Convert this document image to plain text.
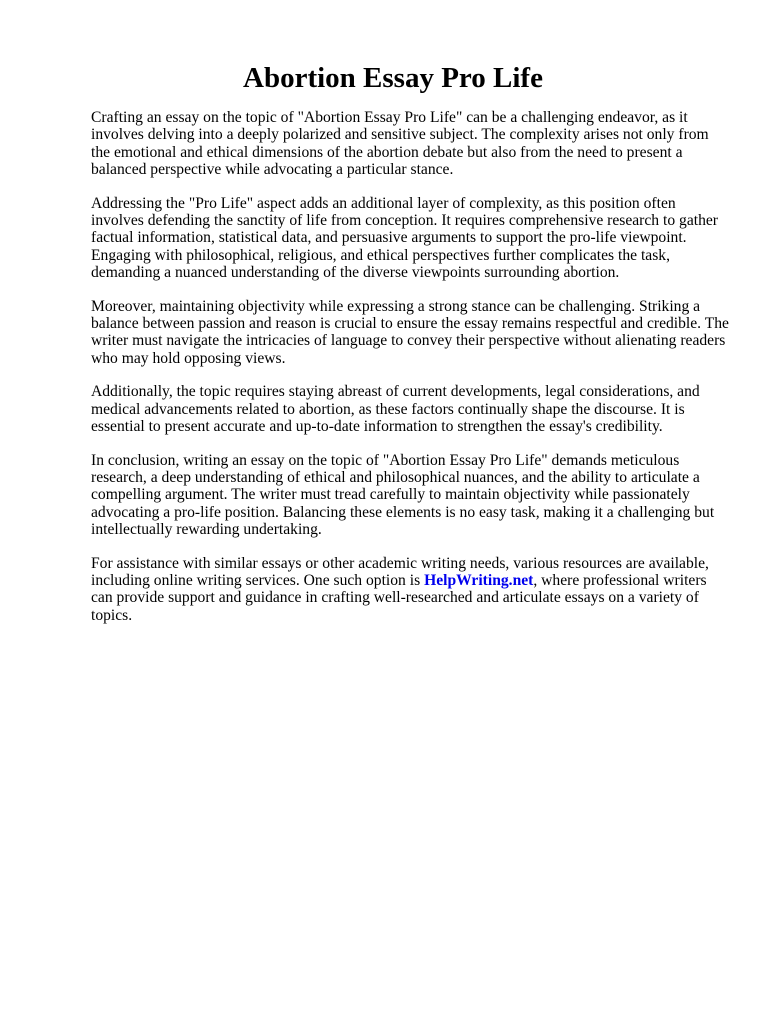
Abortion Essay Pro Life

Crafting an essay on the topic of "Abortion Essay Pro Life" can be a challenging endeavor, as it involves delving into a deeply polarized and sensitive subject. The complexity arises not only from the emotional and ethical dimensions of the abortion debate but also from the need to present a balanced perspective while advocating a particular stance.

Addressing the "Pro Life" aspect adds an additional layer of complexity, as this position often involves defending the sanctity of life from conception. It requires comprehensive research to gather factual information, statistical data, and persuasive arguments to support the pro-life viewpoint. Engaging with philosophical, religious, and ethical perspectives further complicates the task, demanding a nuanced understanding of the diverse viewpoints surrounding abortion.

Moreover, maintaining objectivity while expressing a strong stance can be challenging. Striking a balance between passion and reason is crucial to ensure the essay remains respectful and credible. The writer must navigate the intricacies of language to convey their perspective without alienating readers who may hold opposing views.

Additionally, the topic requires staying abreast of current developments, legal considerations, and medical advancements related to abortion, as these factors continually shape the discourse. It is essential to present accurate and up-to-date information to strengthen the essay's credibility.

In conclusion, writing an essay on the topic of "Abortion Essay Pro Life" demands meticulous research, a deep understanding of ethical and philosophical nuances, and the ability to articulate a compelling argument. The writer must tread carefully to maintain objectivity while passionately advocating a pro-life position. Balancing these elements is no easy task, making it a challenging but intellectually rewarding undertaking.

For assistance with similar essays or other academic writing needs, various resources are available, including online writing services. One such option is HelpWriting.net, where professional writers can provide support and guidance in crafting well-researched and articulate essays on a variety of topics.
